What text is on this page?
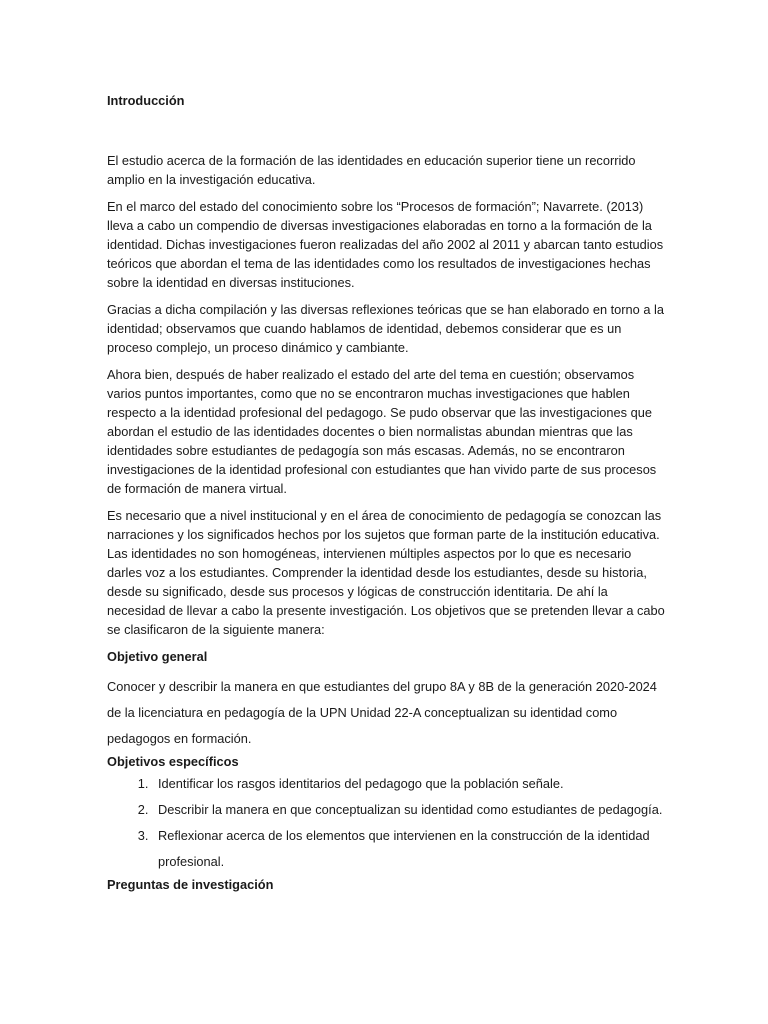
Introducción

El estudio acerca de la formación de las identidades en educación superior tiene un recorrido amplio en la investigación educativa.

En el marco del estado del conocimiento sobre los “Procesos de formación”; Navarrete. (2013) lleva a cabo un compendio de diversas investigaciones elaboradas en torno a la formación de la identidad. Dichas investigaciones fueron realizadas del año 2002 al 2011 y abarcan tanto estudios teóricos que abordan el tema de las identidades como los resultados de investigaciones hechas sobre la identidad en diversas instituciones.

Gracias a dicha compilación y las diversas reflexiones teóricas que se han elaborado en torno a la identidad; observamos que cuando hablamos de identidad, debemos considerar que es un proceso complejo, un proceso dinámico y cambiante.

Ahora bien, después de haber realizado el estado del arte del tema en cuestión; observamos varios puntos importantes, como que no se encontraron muchas investigaciones que hablen respecto a la identidad profesional del pedagogo. Se pudo observar que las investigaciones que abordan el estudio de las identidades docentes o bien normalistas abundan mientras que las identidades sobre estudiantes de pedagogía son más escasas. Además, no se encontraron investigaciones de la identidad profesional con estudiantes que han vivido parte de sus procesos de formación de manera virtual.

Es necesario que a nivel institucional y en el área de conocimiento de pedagogía se conozcan las narraciones y los significados hechos por los sujetos que forman parte de la institución educativa. Las identidades no son homogéneas, intervienen múltiples aspectos por lo que es necesario darles voz a los estudiantes. Comprender la identidad desde los estudiantes, desde su historia, desde su significado, desde sus procesos y lógicas de construcción identitaria. De ahí la necesidad de llevar a cabo la presente investigación. Los objetivos que se pretenden llevar a cabo se clasificaron de la siguiente manera:

Objetivo general

Conocer y describir la manera en que estudiantes del grupo 8A y 8B de la generación 2020-2024 de la licenciatura en pedagogía de la UPN Unidad 22-A conceptualizan su identidad como pedagogos en formación.

Objetivos específicos

1. Identificar los rasgos identitarios del pedagogo que la población señale.
2. Describir la manera en que conceptualizan su identidad como estudiantes de pedagogía.
3. Reflexionar acerca de los elementos que intervienen en la construcción de la identidad profesional.

Preguntas de investigación
